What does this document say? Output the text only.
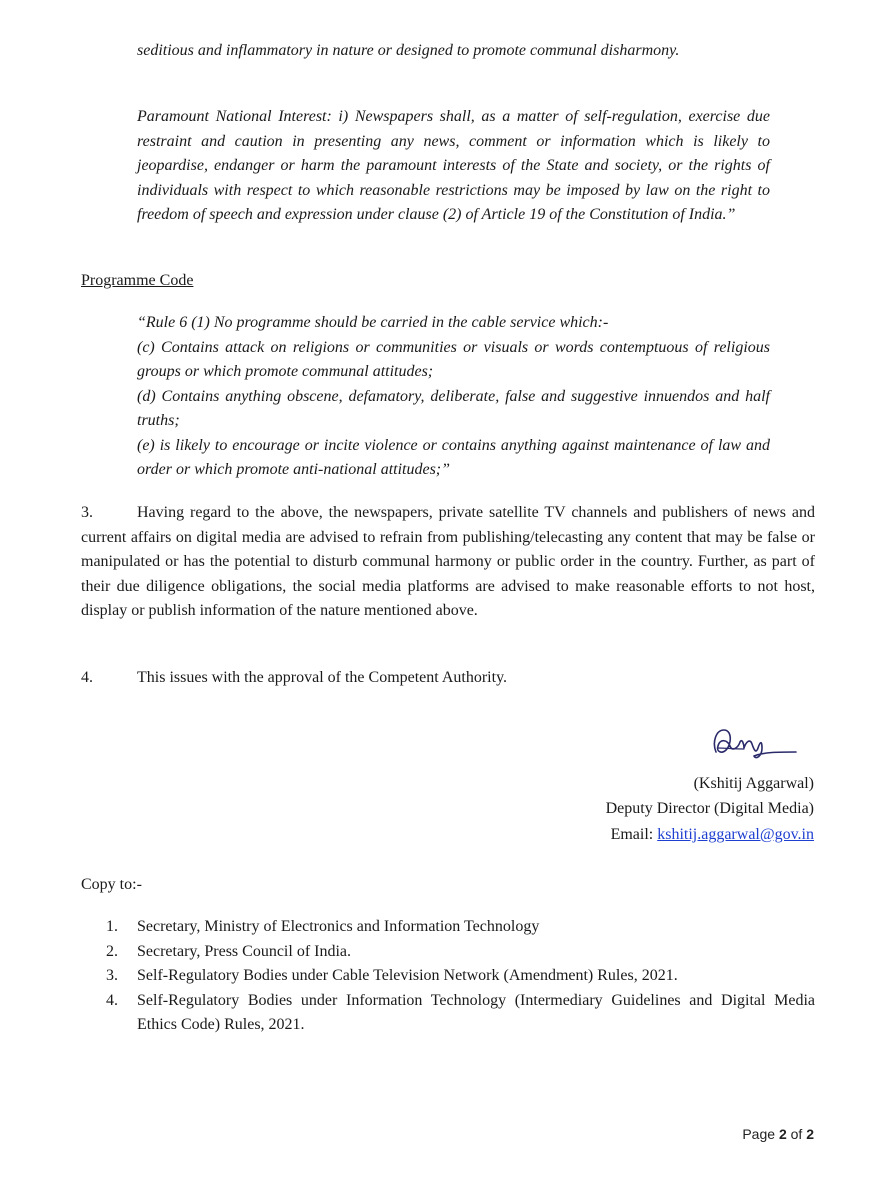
seditious and inflammatory in nature or designed to promote communal disharmony.
Paramount National Interest: i) Newspapers shall, as a matter of self-regulation, exercise due restraint and caution in presenting any news, comment or information which is likely to jeopardise, endanger or harm the paramount interests of the State and society, or the rights of individuals with respect to which reasonable restrictions may be imposed by law on the right to freedom of speech and expression under clause (2) of Article 19 of the Constitution of India.”
Programme Code
“Rule 6 (1) No programme should be carried in the cable service which:-
(c) Contains attack on religions or communities or visuals or words contemptuous of religious groups or which promote communal attitudes;
(d) Contains anything obscene, defamatory, deliberate, false and suggestive innuendos and half truths;
(e) is likely to encourage or incite violence or contains anything against maintenance of law and order or which promote anti-national attitudes;”
3.	Having regard to the above, the newspapers, private satellite TV channels and publishers of news and current affairs on digital media are advised to refrain from publishing/telecasting any content that may be false or manipulated or has the potential to disturb communal harmony or public order in the country. Further, as part of their due diligence obligations, the social media platforms are advised to make reasonable efforts to not host, display or publish information of the nature mentioned above.
4.	This issues with the approval of the Competent Authority.
(Kshitij Aggarwal)
Deputy Director (Digital Media)
Email: kshitij.aggarwal@gov.in
Copy to:-
1.	Secretary, Ministry of Electronics and Information Technology
2.	Secretary, Press Council of India.
3.	Self-Regulatory Bodies under Cable Television Network (Amendment) Rules, 2021.
4.	Self-Regulatory Bodies under Information Technology (Intermediary Guidelines and Digital Media Ethics Code) Rules, 2021.
Page 2 of 2
